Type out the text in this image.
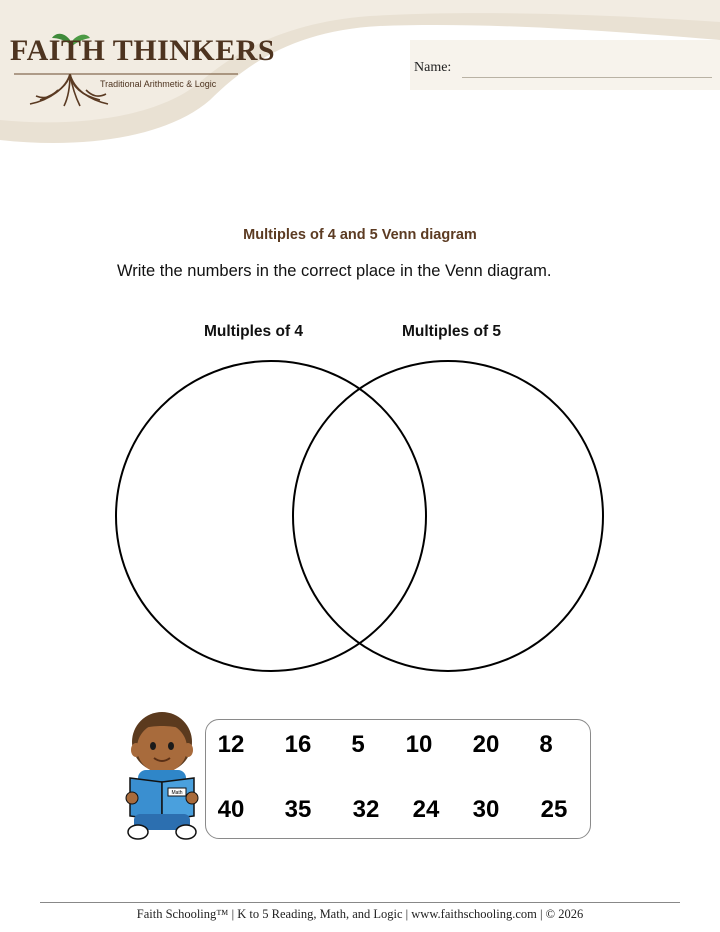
FAITH THINKERS
Traditional Arithmetic & Logic
Name:
Multiples of 4 and 5 Venn diagram
Write the numbers in the correct place in the Venn diagram.
Multiples of 4	Multiples of 5
Math
12 16 5 10 20 8
40 35 32 24 30 25
Faith Schooling™ | K to 5 Reading, Math, and Logic | www.faithschooling.com | © 2026
